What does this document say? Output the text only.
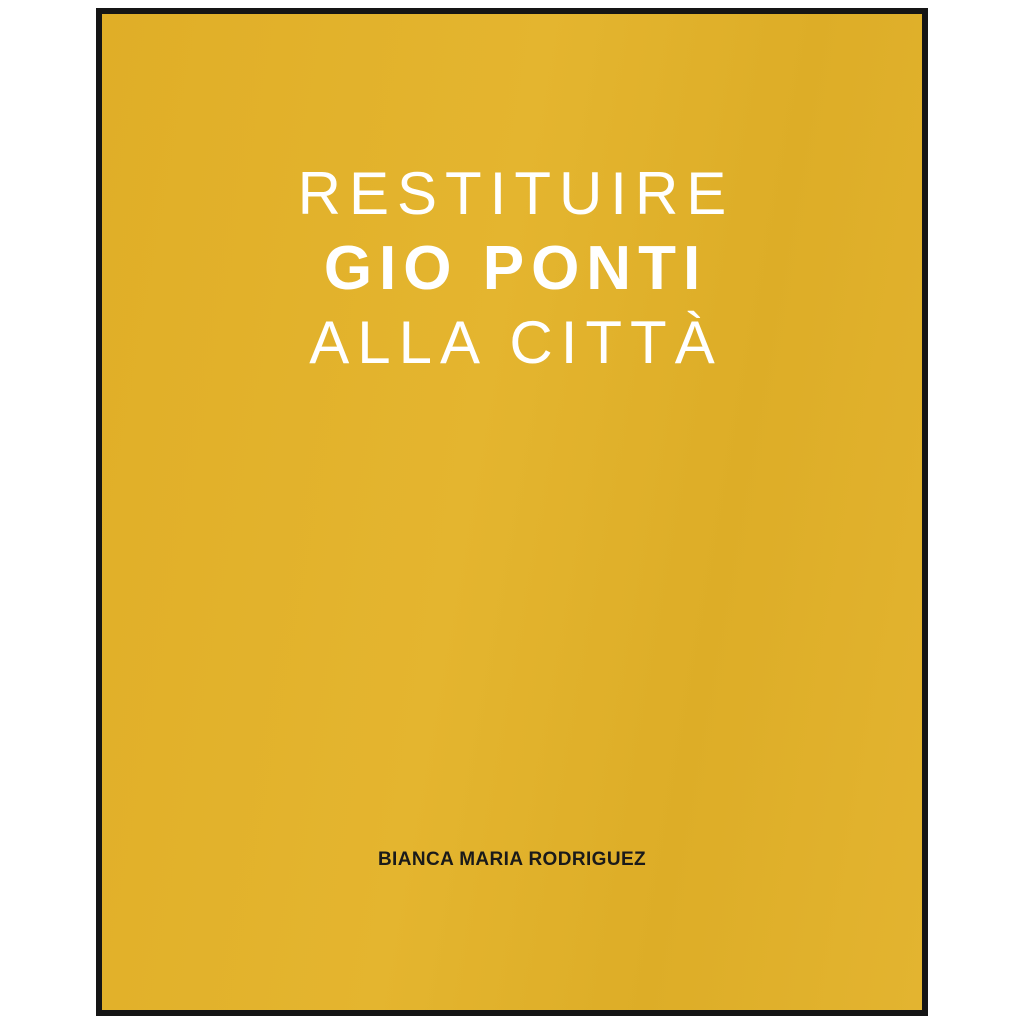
RESTITUIRE
GIO PONTI
ALLA CITTÀ
BIANCA MARIA RODRIGUEZ
